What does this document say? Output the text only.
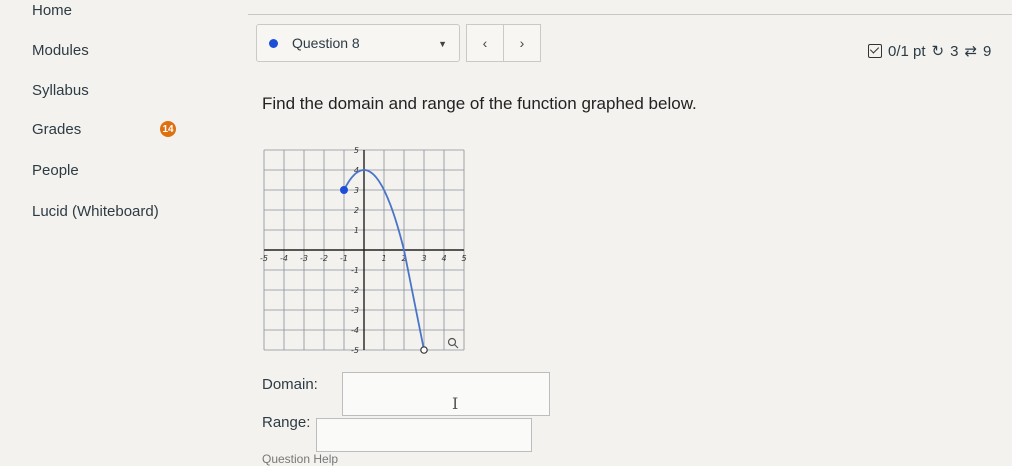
Home
Modules
Syllabus
Grades	14
People
Lucid (Whiteboard)
Question 8	▼	‹ ›	0/1 pt ↻ 3 ⇄ 9
Find the domain and range of the function graphed below.
-5 -4 -3 -2 -1	1 2 3 4 5
5
4
3
2
1
-1
-2
-3
-4
-5
Domain:
I
Range:
Question Help
